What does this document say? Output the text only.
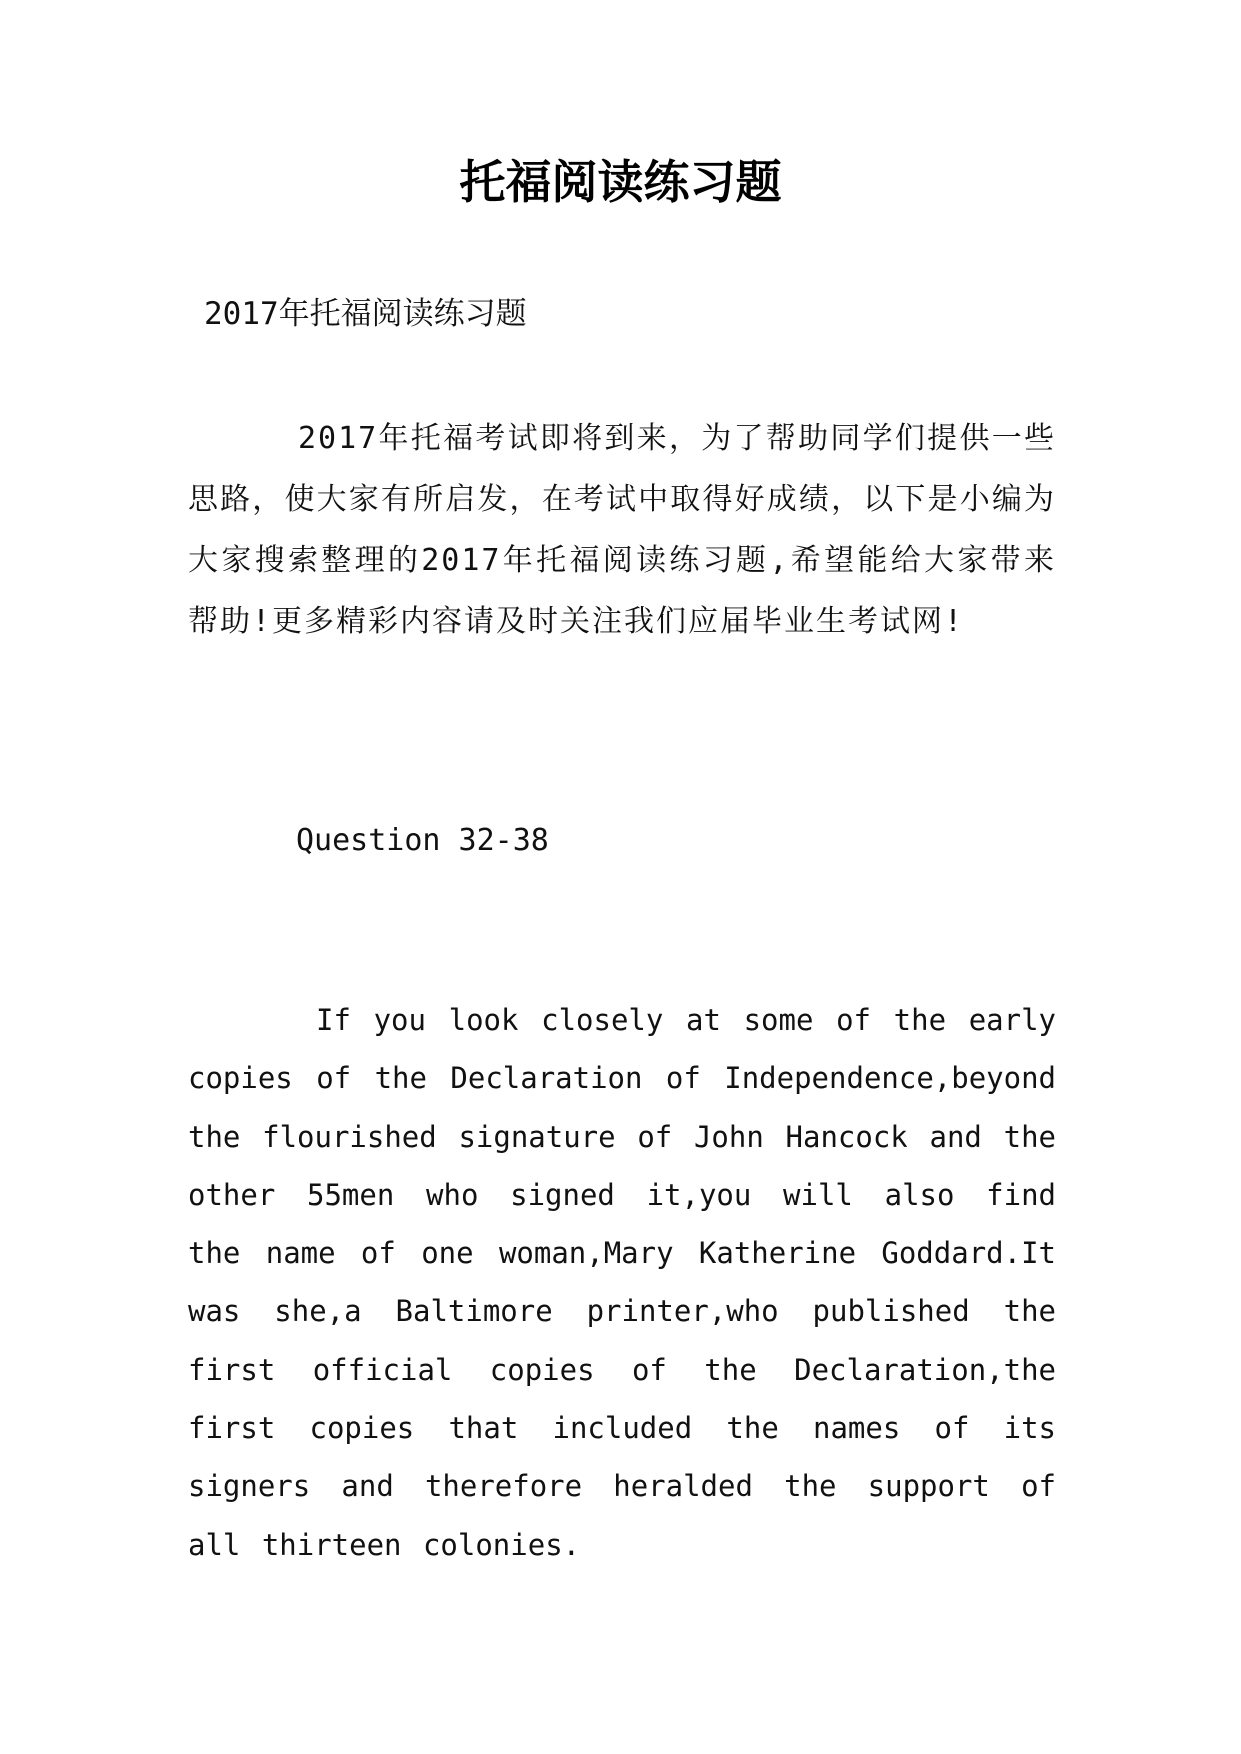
托福阅读练习题

2017年托福阅读练习题

2017年托福考试即将到来，为了帮助同学们提供一些思路，使大家有所启发，在考试中取得好成绩，以下是小编为大家搜索整理的2017年托福阅读练习题,希望能给大家带来帮助!更多精彩内容请及时关注我们应届毕业生考试网!

Question 32-38

If you look closely at some of the early copies of the Declaration of Independence,beyond the flourished signature of John Hancock and the other 55men who signed it,you will also find the name of one woman,Mary Katherine Goddard.It was she,a Baltimore printer,who published the first official copies of the Declaration,the first copies that included the names of its signers and therefore heralded the support of all thirteen colonies.
